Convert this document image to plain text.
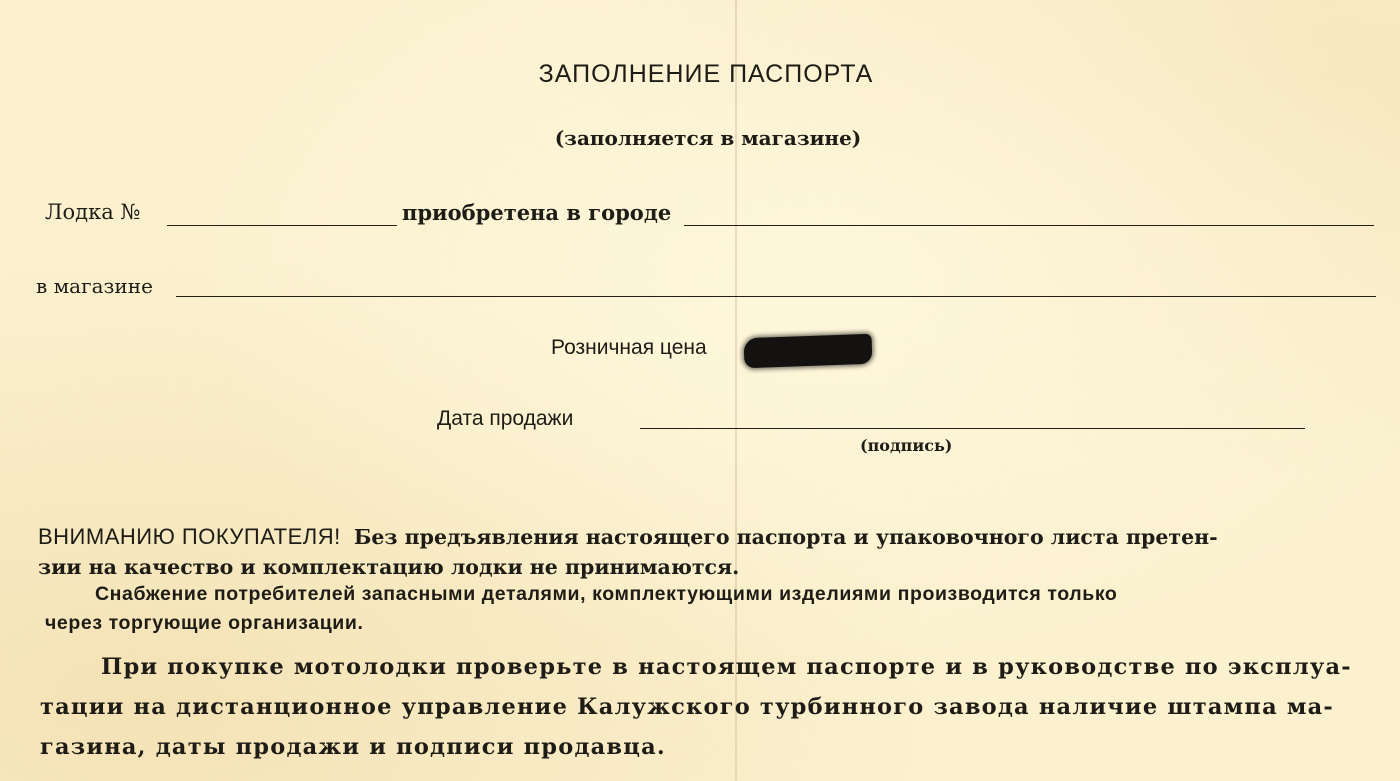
ЗАПОЛНЕНИЕ ПАСПОРТА
(заполняется в магазине)
Лодка №	приобретена в городе
в магазине
Розничная цена
Дата продажи
(подпись)
ВНИМАНИЮ ПОКУПАТЕЛЯ! Без предъявления настоящего паспорта и упаковочного листа претен-
зии на качество и комплектацию лодки не принимаются.
Снабжение потребителей запасными деталями, комплектующими изделиями производится только
через торгующие организации.
При покупке мотолодки проверьте в настоящем паспорте и в руководстве по эксплуа-
тации на дистанционное управление Калужского турбинного завода наличие штампа ма-
газина, даты продажи и подписи продавца.
